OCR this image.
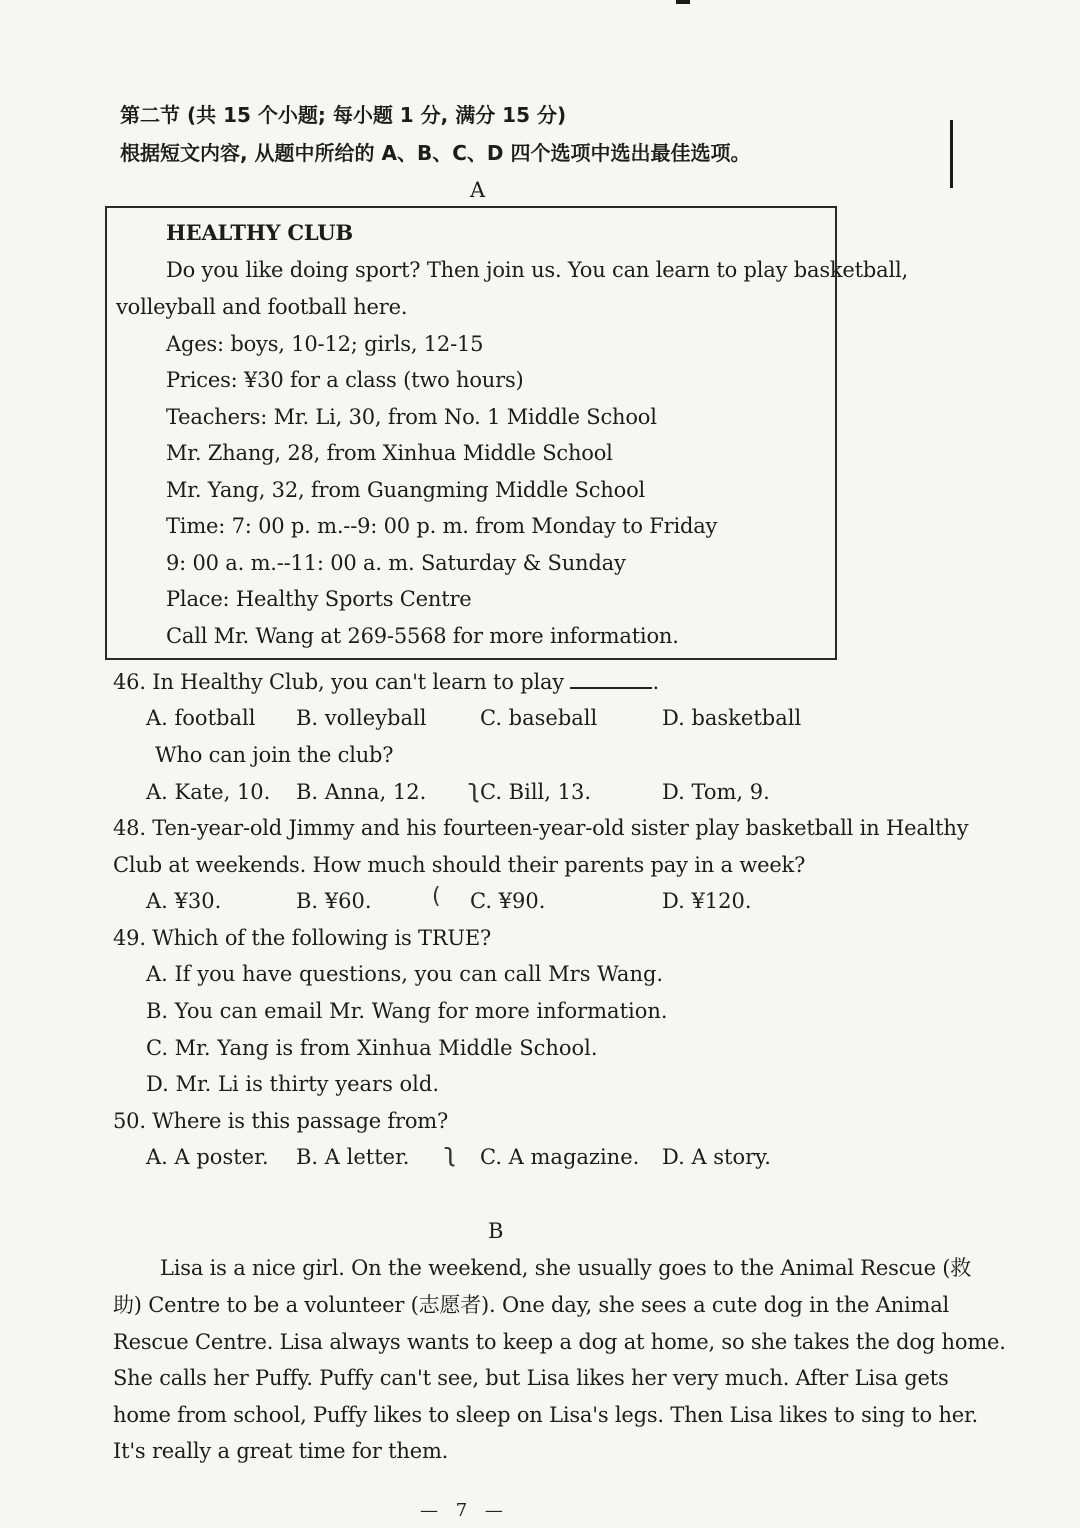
第二节 (共 15 个小题; 每小题 1 分, 满分 15 分)
根据短文内容, 从题中所给的 A、B、C、D 四个选项中选出最佳选项。
A
HEALTHY CLUB
Do you like doing sport? Then join us. You can learn to play basketball,
volleyball and football here.
Ages: boys, 10-12; girls, 12-15
Prices: ¥30 for a class (two hours)
Teachers: Mr. Li, 30, from No. 1 Middle School
Mr. Zhang, 28, from Xinhua Middle School
Mr. Yang, 32, from Guangming Middle School
Time: 7: 00 p. m.--9: 00 p. m. from Monday to Friday
9: 00 a. m.--11: 00 a. m. Saturday & Sunday
Place: Healthy Sports Centre
Call Mr. Wang at 269-5568 for more information.
46. In Healthy Club, you can't learn to play	.
A. football B. volleyball	C. baseball	D. basketball
Who can join the club?
A. Kate, 10. B. Anna, 12. ʅ C. Bill, 13.	D. Tom, 9.
48. Ten-year-old Jimmy and his fourteen-year-old sister play basketball in Healthy
Club at weekends. How much should their parents pay in a week?
A. ¥30.	B. ¥60.	( C. ¥90.	D. ¥120.
49. Which of the following is TRUE?
A. If you have questions, you can call Mrs Wang.
B. You can email Mr. Wang for more information.
C. Mr. Yang is from Xinhua Middle School.
D. Mr. Li is thirty years old.
50. Where is this passage from?
A. A poster. B. A letter. ʅ C. A magazine. D. A story.
B
Lisa is a nice girl. On the weekend, she usually goes to the Animal Rescue (救
助) Centre to be a volunteer (志愿者). One day, she sees a cute dog in the Animal
Rescue Centre. Lisa always wants to keep a dog at home, so she takes the dog home.
She calls her Puffy. Puffy can't see, but Lisa likes her very much. After Lisa gets
home from school, Puffy likes to sleep on Lisa's legs. Then Lisa likes to sing to her.
It's really a great time for them.
— 7 —
